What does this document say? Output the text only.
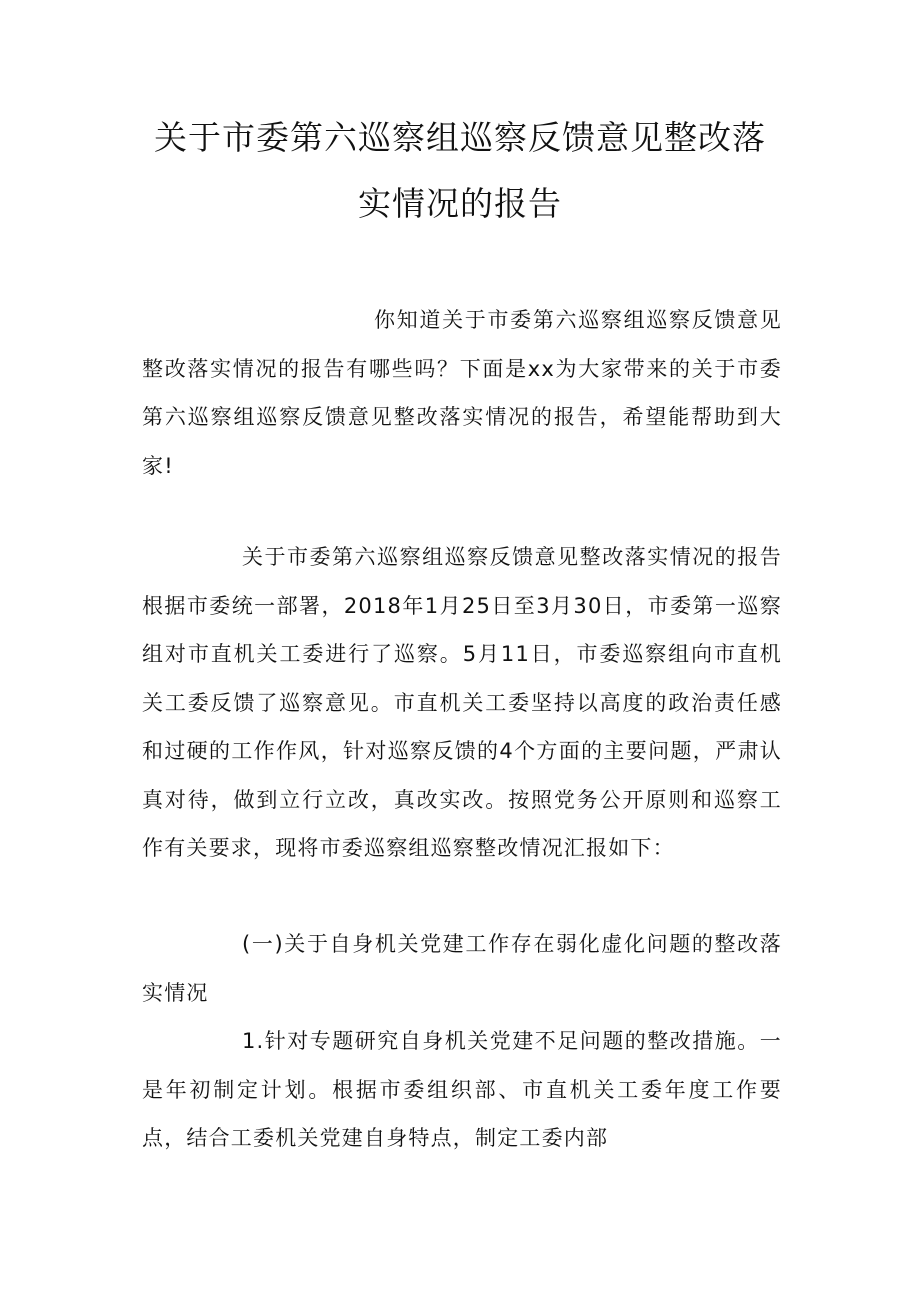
关于市委第六巡察组巡察反馈意见整改落
实情况的报告

你知道关于市委第六巡察组巡察反馈意见整改落实情况的报告有哪些吗？下面是xx为大家带来的关于市委第六巡察组巡察反馈意见整改落实情况的报告，希望能帮助到大家!

关于市委第六巡察组巡察反馈意见整改落实情况的报告　　根据市委统一部署，2018年1月25日至3月30日，市委第一巡察组对市直机关工委进行了巡察。5月11日，市委巡察组向市直机关工委反馈了巡察意见。市直机关工委坚持以高度的政治责任感和过硬的工作作风，针对巡察反馈的4个方面的主要问题，严肃认真对待，做到立行立改，真改实改。按照党务公开原则和巡察工作有关要求，现将市委巡察组巡察整改情况汇报如下：

(一)关于自身机关党建工作存在弱化虚化问题的整改落实情况

1.针对专题研究自身机关党建不足问题的整改措施。一是年初制定计划。根据市委组织部、市直机关工委年度工作要点，结合工委机关党建自身特点，制定工委内部
